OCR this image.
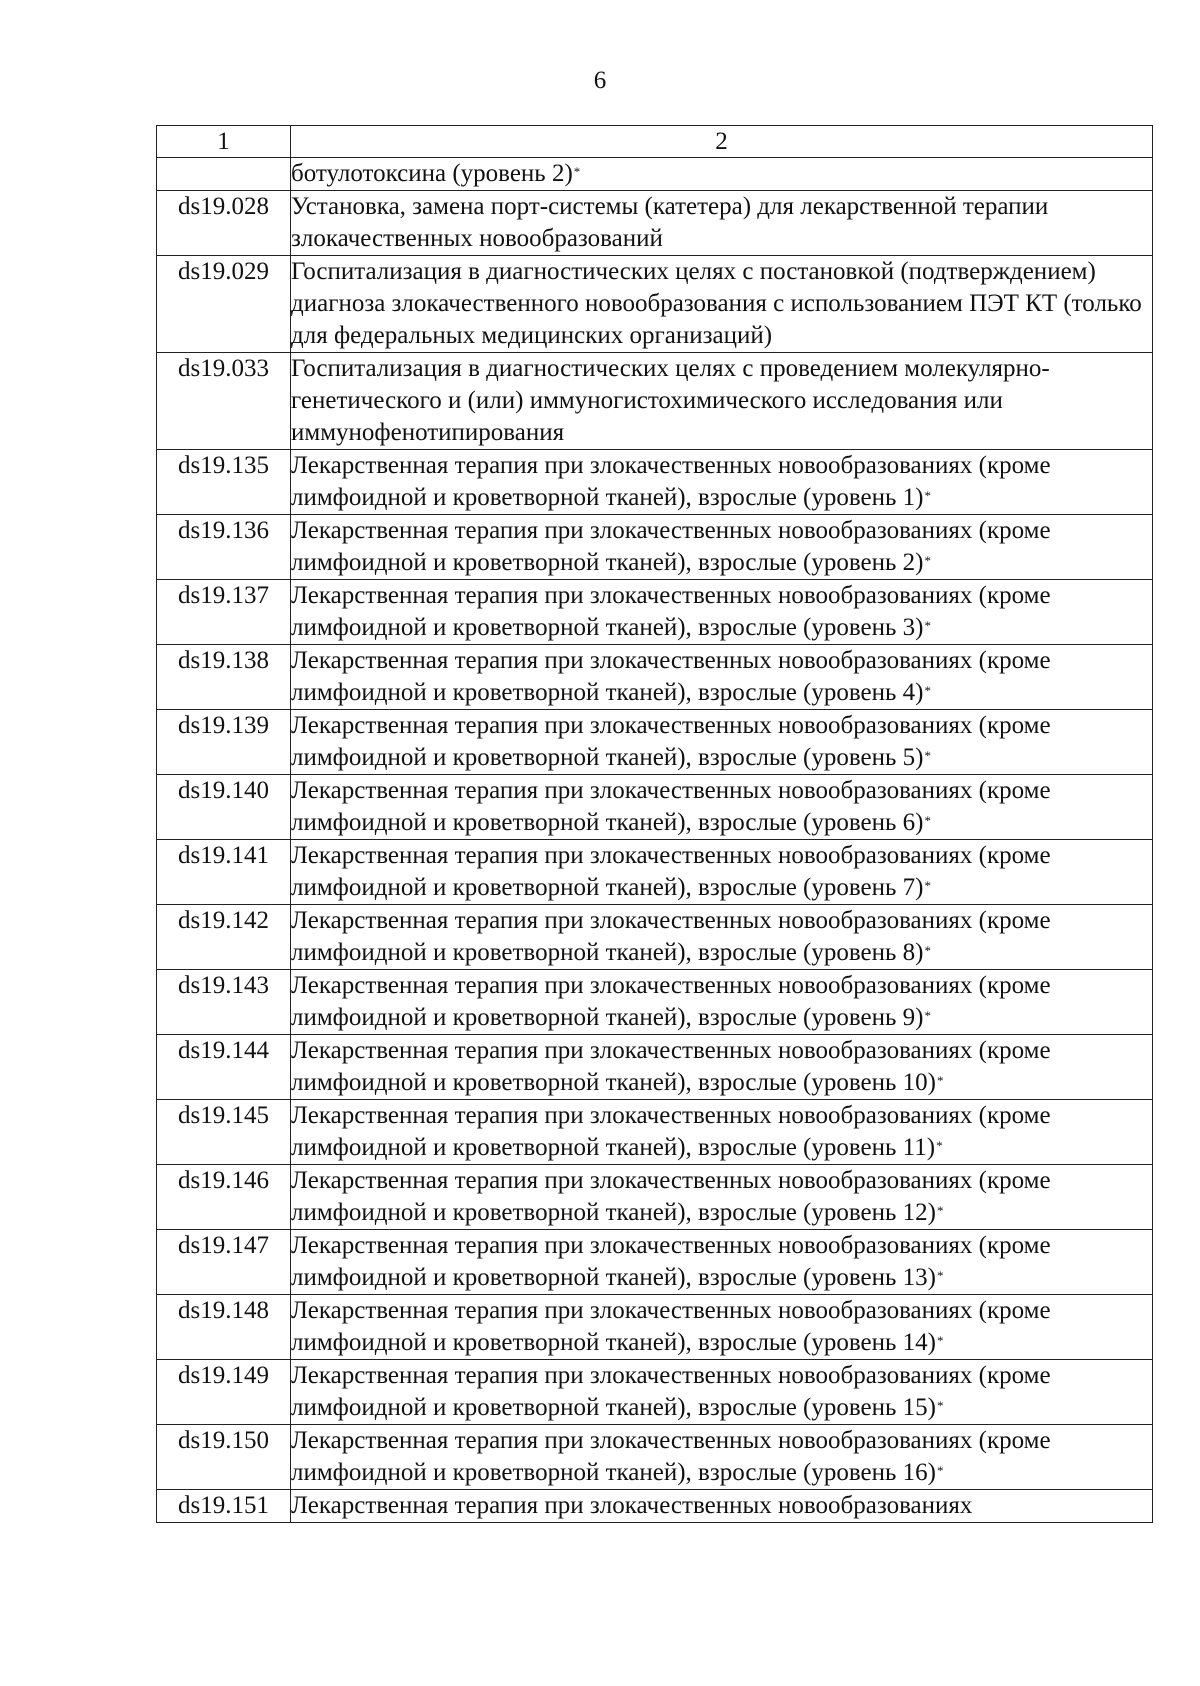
6
1	2
	ботулотоксина (уровень 2)*
ds19.028	Установка, замена порт-системы (катетера) для лекарственной терапии злокачественных новообразований
ds19.029	Госпитализация в диагностических целях с постановкой (подтверждением) диагноза злокачественного новообразования с использованием ПЭТ КТ (только для федеральных медицинских организаций)
ds19.033	Госпитализация в диагностических целях с проведением молекулярно-генетического и (или) иммуногистохимического исследования или иммунофенотипирования
ds19.135	Лекарственная терапия при злокачественных новообразованиях (кроме лимфоидной и кроветворной тканей), взрослые (уровень 1)*
ds19.136	Лекарственная терапия при злокачественных новообразованиях (кроме лимфоидной и кроветворной тканей), взрослые (уровень 2)*
ds19.137	Лекарственная терапия при злокачественных новообразованиях (кроме лимфоидной и кроветворной тканей), взрослые (уровень 3)*
ds19.138	Лекарственная терапия при злокачественных новообразованиях (кроме лимфоидной и кроветворной тканей), взрослые (уровень 4)*
ds19.139	Лекарственная терапия при злокачественных новообразованиях (кроме лимфоидной и кроветворной тканей), взрослые (уровень 5)*
ds19.140	Лекарственная терапия при злокачественных новообразованиях (кроме лимфоидной и кроветворной тканей), взрослые (уровень 6)*
ds19.141	Лекарственная терапия при злокачественных новообразованиях (кроме лимфоидной и кроветворной тканей), взрослые (уровень 7)*
ds19.142	Лекарственная терапия при злокачественных новообразованиях (кроме лимфоидной и кроветворной тканей), взрослые (уровень 8)*
ds19.143	Лекарственная терапия при злокачественных новообразованиях (кроме лимфоидной и кроветворной тканей), взрослые (уровень 9)*
ds19.144	Лекарственная терапия при злокачественных новообразованиях (кроме лимфоидной и кроветворной тканей), взрослые (уровень 10)*
ds19.145	Лекарственная терапия при злокачественных новообразованиях (кроме лимфоидной и кроветворной тканей), взрослые (уровень 11)*
ds19.146	Лекарственная терапия при злокачественных новообразованиях (кроме лимфоидной и кроветворной тканей), взрослые (уровень 12)*
ds19.147	Лекарственная терапия при злокачественных новообразованиях (кроме лимфоидной и кроветворной тканей), взрослые (уровень 13)*
ds19.148	Лекарственная терапия при злокачественных новообразованиях (кроме лимфоидной и кроветворной тканей), взрослые (уровень 14)*
ds19.149	Лекарственная терапия при злокачественных новообразованиях (кроме лимфоидной и кроветворной тканей), взрослые (уровень 15)*
ds19.150	Лекарственная терапия при злокачественных новообразованиях (кроме лимфоидной и кроветворной тканей), взрослые (уровень 16)*
ds19.151	Лекарственная терапия при злокачественных новообразованиях
